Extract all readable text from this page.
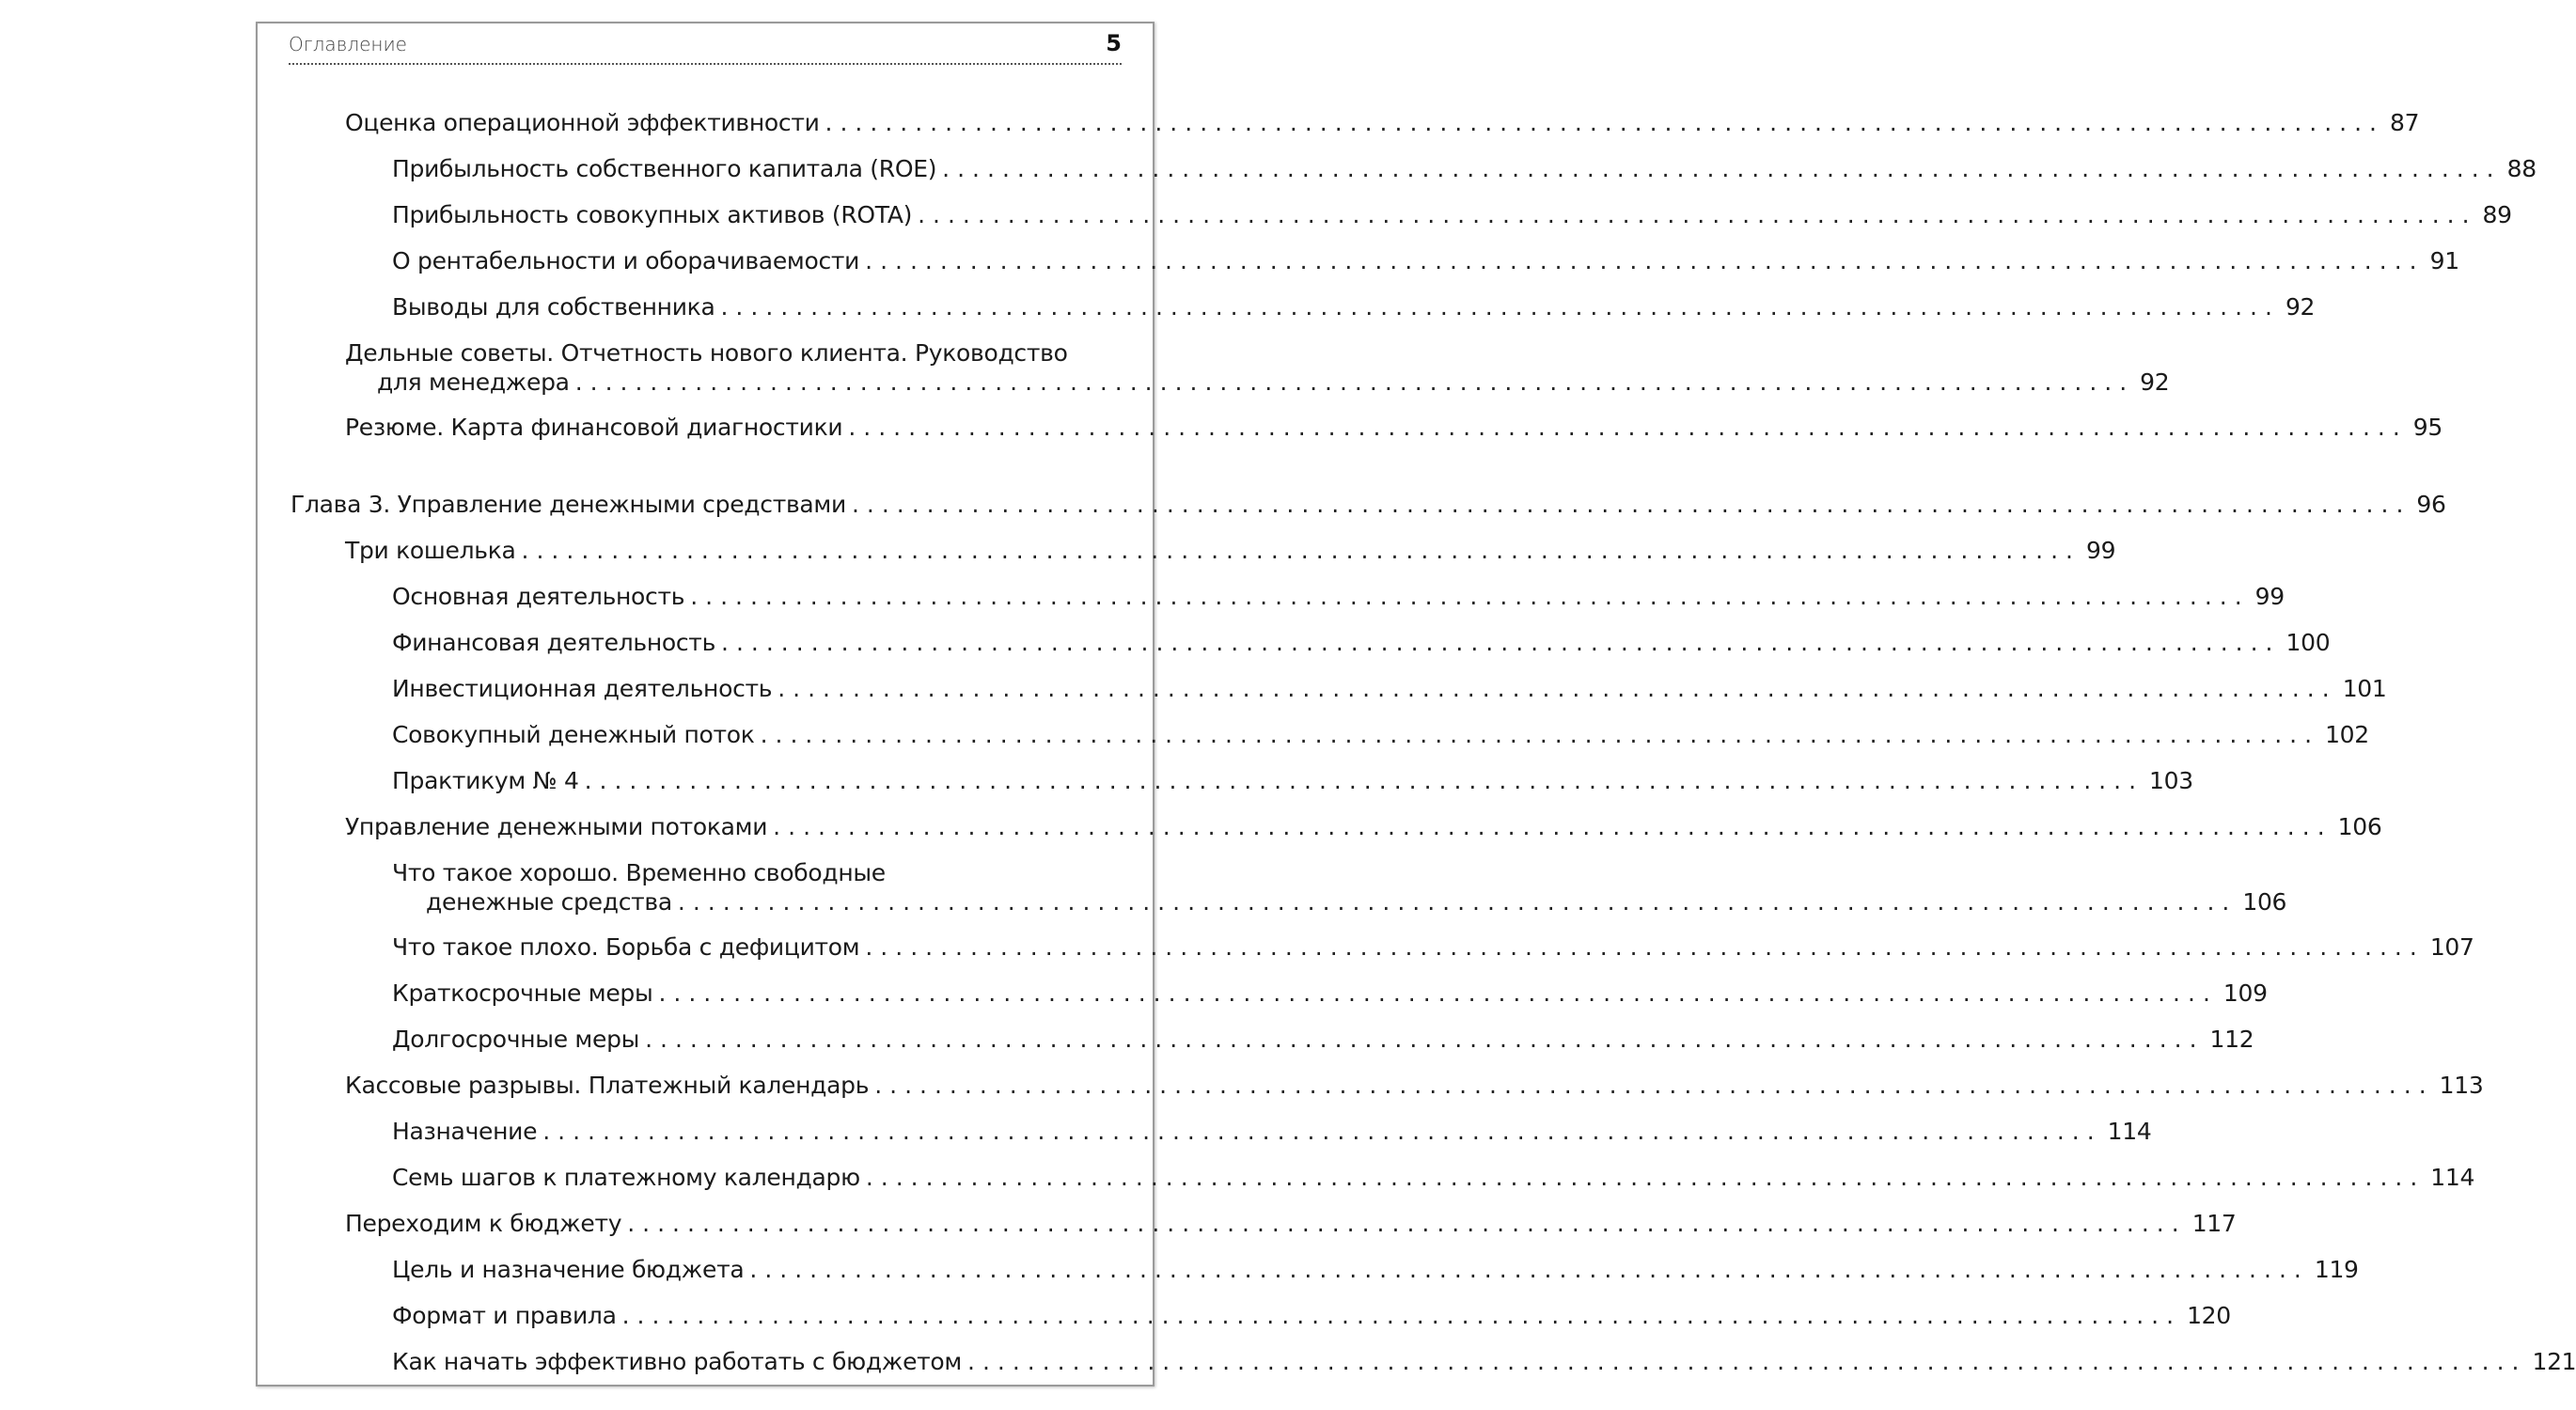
Оглавление	5
Оценка операционной эффективности ........................................................................................................ 87
Прибыльность собственного капитала (ROE) ........................................................................................................ 88
Прибыльность совокупных активов (ROTA) ........................................................................................................ 89
О рентабельности и оборачиваемости ........................................................................................................ 91
Выводы для собственника ........................................................................................................ 92
Дельные советы. Отчетность нового клиента. Руководство
для менеджера ........................................................................................................ 92
Резюме. Карта финансовой диагностики ........................................................................................................ 95
Глава 3. Управление денежными средствами ........................................................................................................ 96
Три кошелька ........................................................................................................ 99
Основная деятельность ........................................................................................................ 99
Финансовая деятельность ........................................................................................................ 100
Инвестиционная деятельность ........................................................................................................ 101
Совокупный денежный поток ........................................................................................................ 102
Практикум № 4 ........................................................................................................ 103
Управление денежными потоками ........................................................................................................ 106
Что такое хорошо. Временно свободные
денежные средства ........................................................................................................ 106
Что такое плохо. Борьба с дефицитом ........................................................................................................ 107
Краткосрочные меры ........................................................................................................ 109
Долгосрочные меры ........................................................................................................ 112
Кассовые разрывы. Платежный календарь ........................................................................................................ 113
Назначение ........................................................................................................ 114
Семь шагов к платежному календарю ........................................................................................................ 114
Переходим к бюджету ........................................................................................................ 117
Цель и назначение бюджета ........................................................................................................ 119
Формат и правила ........................................................................................................ 120
Как начать эффективно работать с бюджетом ........................................................................................................ 121
